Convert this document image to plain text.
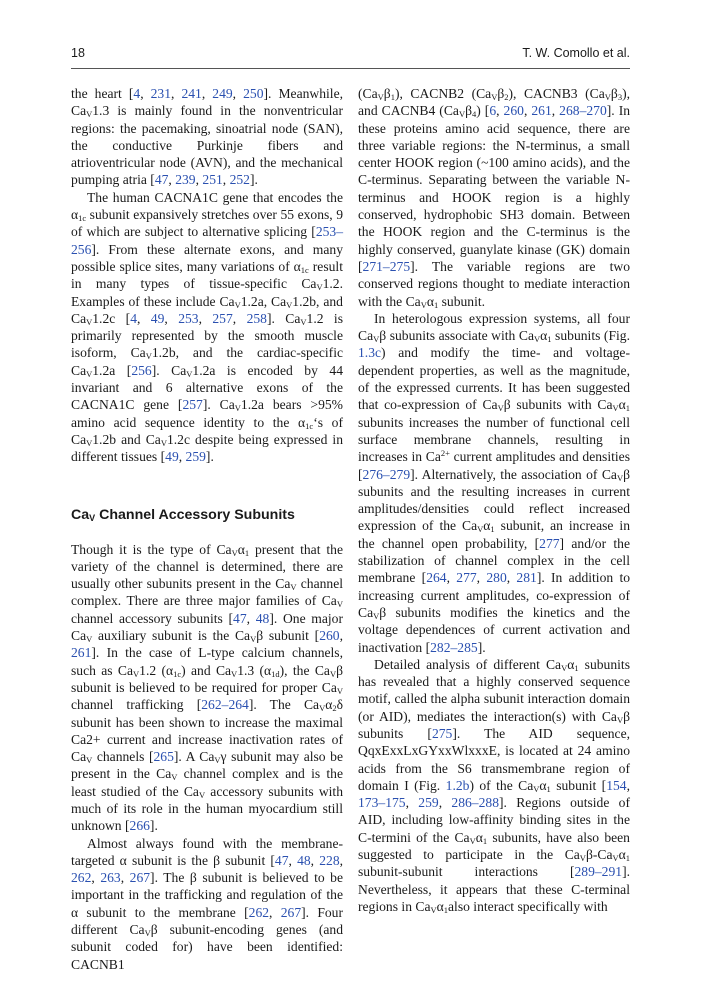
18	T. W. Comollo et al.

the heart [4, 231, 241, 249, 250]. Meanwhile, $Ca_V1.3$ is mainly found in the nonventricular regions: the pacemaking, sinoatrial node (SAN), the conductive Purkinje fibers and atrioventricular node (AVN), and the mechanical pumping atria [47, 239, 251, 252].

The human CACNA1C gene that encodes the $\alpha_{1c}$ subunit expansively stretches over 55 exons, 9 of which are subject to alternative splicing [253–256]. From these alternate exons, and many possible splice sites, many variations of $\alpha_{1c}$ result in many types of tissue-specific $Ca_V1.2$. Examples of these include $Ca_V1.2a$, $Ca_V1.2b$, and $Ca_V1.2c$ [4, 49, 253, 257, 258]. $Ca_V1.2$ is primarily represented by the smooth muscle isoform, $Ca_V1.2b$, and the cardiac-specific $Ca_V1.2a$ [256]. $Ca_V1.2a$ is encoded by 44 invariant and 6 alternative exons of the CACNA1C gene [257]. $Ca_V1.2a$ bears >95% amino acid sequence identity to the $\alpha_{1c}‘s$ of $Ca_V1.2b$ and $Ca_V1.2c$ despite being expressed in different tissues [49, 259].

$Ca_V$ Channel Accessory Subunits

Though it is the type of $Ca_V\alpha_1$ present that the variety of the channel is determined, there are usually other subunits present in the $Ca_V$ channel complex. There are three major families of $Ca_V$ channel accessory subunits [47, 48]. One major $Ca_V$ auxiliary subunit is the $Ca_V\beta$ subunit [260, 261]. In the case of L-type calcium channels, such as $Ca_V1.2$ $(\alpha_{1c})$ and $Ca_V1.3$ $(\alpha_{1d})$, the $Ca_V\beta$ subunit is believed to be required for proper $Ca_V$ channel trafficking [262–264]. The $Ca_V\alpha_2\delta$ subunit has been shown to increase the maximal Ca2+ current and increase inactivation rates of $Ca_V$ channels [265]. A $Ca_V\gamma$ subunit may also be present in the $Ca_V$ channel complex and is the least studied of the $Ca_V$ accessory subunits with much of its role in the human myocardium still unknown [266].

Almost always found with the membrane-targeted α subunit is the β subunit [47, 48, 228, 262, 263, 267]. The β subunit is believed to be important in the trafficking and regulation of the α subunit to the membrane [262, 267]. Four different $Ca_V\beta$ subunit-encoding genes (and subunit coded for) have been identified: CACNB1

$(Ca_V\beta_1)$, CACNB2 $(Ca_V\beta_2)$, CACNB3 $(Ca_V\beta_3)$, and CACNB4 $(Ca_V\beta_4)$ [6, 260, 261, 268–270]. In these proteins amino acid sequence, there are three variable regions: the N-terminus, a small center HOOK region (~100 amino acids), and the C-terminus. Separating between the variable N-terminus and HOOK region is a highly conserved, hydrophobic SH3 domain. Between the HOOK region and the C-terminus is the highly conserved, guanylate kinase (GK) domain [271–275]. The variable regions are two conserved regions thought to mediate interaction with the $Ca_V\alpha_1$ subunit.

In heterologous expression systems, all four $Ca_V\beta$ subunits associate with $Ca_V\alpha_1$ subunits (Fig. 1.3c) and modify the time- and voltage-dependent properties, as well as the magnitude, of the expressed currents. It has been suggested that co-expression of $Ca_V\beta$ subunits with $Ca_V\alpha_1$ subunits increases the number of functional cell surface membrane channels, resulting in increases in $Ca^{2+}$ current amplitudes and densities [276–279]. Alternatively, the association of $Ca_V\beta$ subunits and the resulting increases in current amplitudes/densities could reflect increased expression of the $Ca_V\alpha_1$ subunit, an increase in the channel open probability, [277] and/or the stabilization of channel complex in the cell membrane [264, 277, 280, 281]. In addition to increasing current amplitudes, co-expression of $Ca_V\beta$ subunits modifies the kinetics and the voltage dependences of current activation and inactivation [282–285].

Detailed analysis of different $Ca_V\alpha_1$ subunits has revealed that a highly conserved sequence motif, called the alpha subunit interaction domain (or AID), mediates the interaction(s) with $Ca_V\beta$ subunits [275]. The AID sequence, QqxExxLxGYxxWlxxxE, is located at 24 amino acids from the S6 transmembrane region of domain I (Fig. 1.2b) of the $Ca_V\alpha_1$ subunit [154, 173–175, 259, 286–288]. Regions outside of AID, including low-affinity binding sites in the C-termini of the $Ca_V\alpha_1$ subunits, have also been suggested to participate in the $Ca_V\beta-Ca_V\alpha_1$ subunit-subunit interactions [289–291]. Nevertheless, it appears that these C-terminal regions in $Ca_V\alpha_1also$ interact specifically with
